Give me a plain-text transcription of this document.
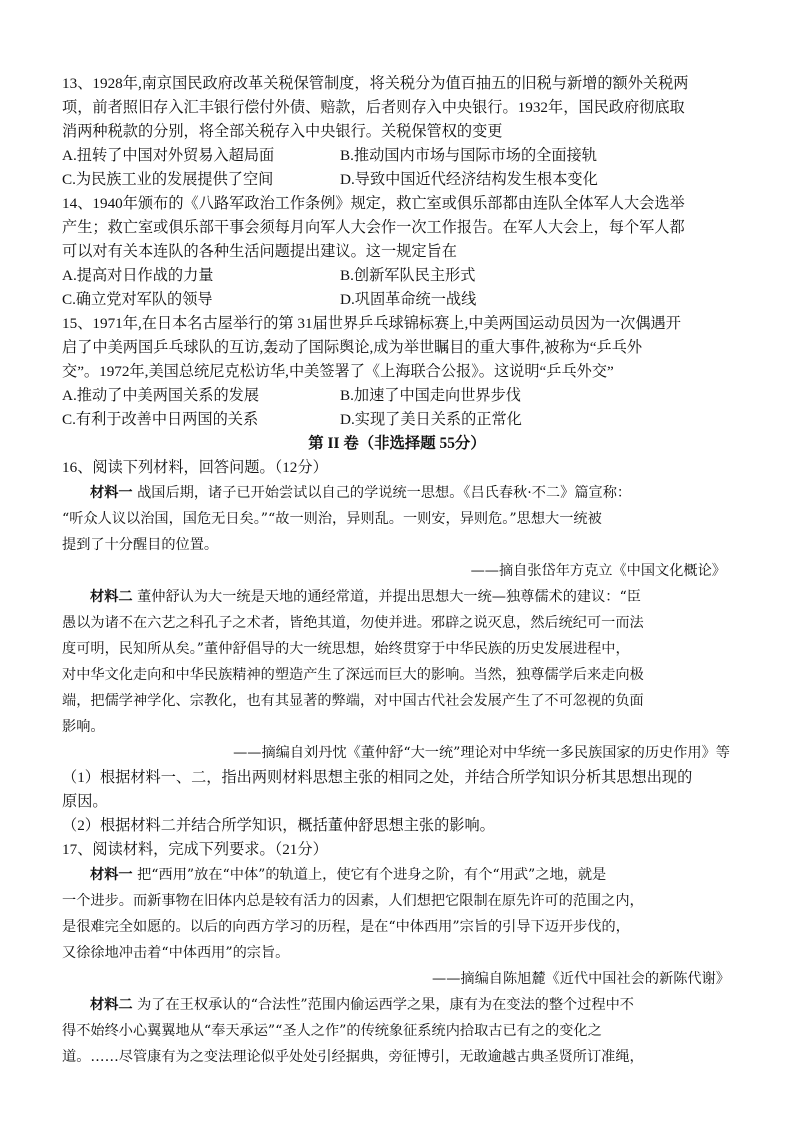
13、1928年,南京国民政府改革关税保管制度，将关税分为值百抽五的旧税与新增的额外关税两
项，前者照旧存入汇丰银行偿付外债、赔款，后者则存入中央银行。1932年，国民政府彻底取
消两种税款的分别，将全部关税存入中央银行。关税保管权的变更
A.扭转了中国对外贸易入超局面	B.推动国内市场与国际市场的全面接轨
C.为民族工业的发展提供了空间	D.导致中国近代经济结构发生根本变化
14、1940年颁布的《八路军政治工作条例》规定，救亡室或俱乐部都由连队全体军人大会选举
产生；救亡室或俱乐部干事会须每月向军人大会作一次工作报告。在军人大会上，每个军人都
可以对有关本连队的各种生活问题提出建议。这一规定旨在
A.提高对日作战的力量	B.创新军队民主形式
C.确立党对军队的领导	D.巩固革命统一战线
15、1971年,在日本名古屋举行的第 31届世界乒乓球锦标赛上,中美两国运动员因为一次偶遇开
启了中美两国乒乓球队的互访,轰动了国际舆论,成为举世瞩目的重大事件,被称为“乒乓外
交”。1972年,美国总统尼克松访华,中美签署了《上海联合公报》。这说明“乒乓外交”
A.推动了中美两国关系的发展	B.加速了中国走向世界步伐
C.有利于改善中日两国的关系	D.实现了美日关系的正常化
第 II 卷（非选择题 55分）
16、阅读下列材料，回答问题。（12分）
材料一 战国后期，诸子已开始尝试以自己的学说统一思想。《吕氏春秋·不二》篇宣称：
“听众人议以治国，国危无日矣。”“故一则治，异则乱。一则安，异则危。”思想大一统被
提到了十分醒目的位置。
——摘自张岱年方克立《中国文化概论》
材料二 董仲舒认为大一统是天地的通经常道，并提出思想大一统—独尊儒术的建议：“臣
愚以为诸不在六艺之科孔子之术者，皆绝其道，勿使并进。邪辟之说灭息，然后统纪可一而法
度可明，民知所从矣。”董仲舒倡导的大一统思想，始终贯穿于中华民族的历史发展进程中，
对中华文化走向和中华民族精神的塑造产生了深远而巨大的影响。当然，独尊儒学后来走向极
端，把儒学神学化、宗教化，也有其显著的弊端，对中国古代社会发展产生了不可忽视的负面
影响。
——摘编自刘丹忱《董仲舒“大一统”理论对中华统一多民族国家的历史作用》等
（1）根据材料一、二，指出两则材料思想主张的相同之处，并结合所学知识分析其思想出现的
原因。
（2）根据材料二并结合所学知识，概括董仲舒思想主张的影响。
17、阅读材料，完成下列要求。（21分）
材料一 把“西用”放在“中体”的轨道上，使它有个进身之阶，有个“用武”之地，就是
一个进步。而新事物在旧体内总是较有活力的因素，人们想把它限制在原先许可的范围之内，
是很难完全如愿的。以后的向西方学习的历程，是在“中体西用”宗旨的引导下迈开步伐的，
又徐徐地冲击着“中体西用”的宗旨。
——摘编自陈旭麓《近代中国社会的新陈代谢》
材料二 为了在王权承认的“合法性”范围内偷运西学之果，康有为在变法的整个过程中不
得不始终小心翼翼地从“奉天承运”“圣人之作”的传统象征系统内拾取古已有之的变化之
道。……尽管康有为之变法理论似乎处处引经据典，旁征博引，无敢逾越古典圣贤所订准绳，
